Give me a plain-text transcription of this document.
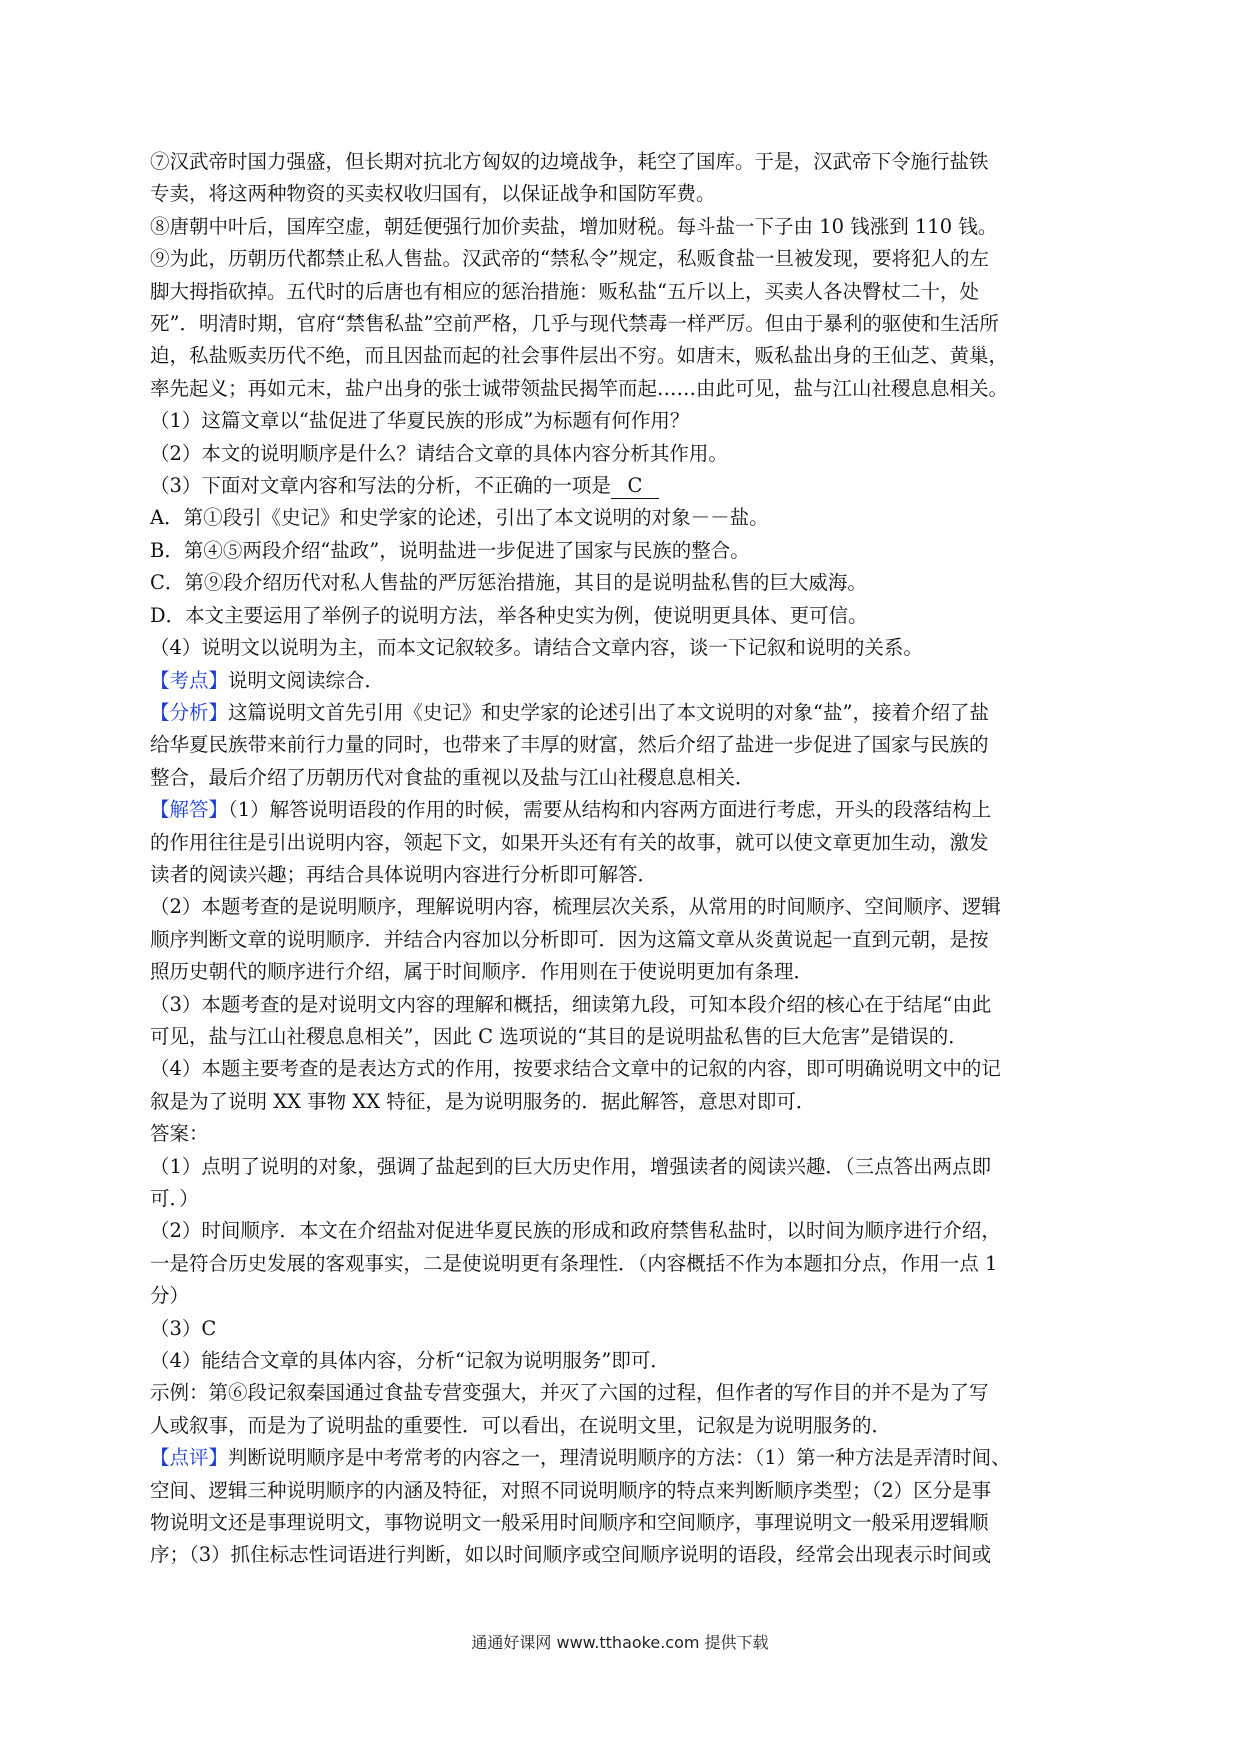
⑦汉武帝时国力强盛，但长期对抗北方匈奴的边境战争，耗空了国库。于是，汉武帝下令施行盐铁
专卖，将这两种物资的买卖权收归国有，以保证战争和国防军费。
⑧唐朝中叶后，国库空虚，朝廷便强行加价卖盐，增加财税。每斗盐一下子由 10 钱涨到 110 钱。
⑨为此，历朝历代都禁止私人售盐。汉武帝的“禁私令”规定，私贩食盐一旦被发现，要将犯人的左
脚大拇指砍掉。五代时的后唐也有相应的惩治措施：贩私盐“五斤以上，买卖人各决臀杖二十，处
死”．明清时期，官府“禁售私盐”空前严格，几乎与现代禁毒一样严厉。但由于暴利的驱使和生活所
迫，私盐贩卖历代不绝，而且因盐而起的社会事件层出不穷。如唐末，贩私盐出身的王仙芝、黄巢，
率先起义；再如元末，盐户出身的张士诚带领盐民揭竿而起……由此可见，盐与江山社稷息息相关。
（1）这篇文章以“盐促进了华夏民族的形成”为标题有何作用？
（2）本文的说明顺序是什么？请结合文章的具体内容分析其作用。
（3）下面对文章内容和写法的分析，不正确的一项是 C
A．第①段引《史记》和史学家的论述，引出了本文说明的对象－－盐。
B．第④⑤两段介绍“盐政”，说明盐进一步促进了国家与民族的整合。
C．第⑨段介绍历代对私人售盐的严厉惩治措施，其目的是说明盐私售的巨大威海。
D．本文主要运用了举例子的说明方法，举各种史实为例，使说明更具体、更可信。
（4）说明文以说明为主，而本文记叙较多。请结合文章内容，谈一下记叙和说明的关系。
【考点】说明文阅读综合．
【分析】这篇说明文首先引用《史记》和史学家的论述引出了本文说明的对象“盐”，接着介绍了盐
给华夏民族带来前行力量的同时，也带来了丰厚的财富，然后介绍了盐进一步促进了国家与民族的
整合，最后介绍了历朝历代对食盐的重视以及盐与江山社稷息息相关．
【解答】（1）解答说明语段的作用的时候，需要从结构和内容两方面进行考虑，开头的段落结构上
的作用往往是引出说明内容，领起下文，如果开头还有有关的故事，就可以使文章更加生动，激发
读者的阅读兴趣；再结合具体说明内容进行分析即可解答．
（2）本题考查的是说明顺序，理解说明内容，梳理层次关系，从常用的时间顺序、空间顺序、逻辑
顺序判断文章的说明顺序．并结合内容加以分析即可．因为这篇文章从炎黄说起一直到元朝，是按
照历史朝代的顺序进行介绍，属于时间顺序．作用则在于使说明更加有条理．
（3）本题考查的是对说明文内容的理解和概括，细读第九段，可知本段介绍的核心在于结尾“由此
可见，盐与江山社稷息息相关”，因此 C 选项说的“其目的是说明盐私售的巨大危害”是错误的．
（4）本题主要考查的是表达方式的作用，按要求结合文章中的记叙的内容，即可明确说明文中的记
叙是为了说明 XX 事物 XX 特征，是为说明服务的．据此解答，意思对即可．
答案：
（1）点明了说明的对象，强调了盐起到的巨大历史作用，增强读者的阅读兴趣．（三点答出两点即
可．）
（2）时间顺序．本文在介绍盐对促进华夏民族的形成和政府禁售私盐时，以时间为顺序进行介绍，
一是符合历史发展的客观事实，二是使说明更有条理性．（内容概括不作为本题扣分点，作用一点 1
分）
（3）C
（4）能结合文章的具体内容，分析“记叙为说明服务”即可．
示例：第⑥段记叙秦国通过食盐专营变强大，并灭了六国的过程，但作者的写作目的并不是为了写
人或叙事，而是为了说明盐的重要性．可以看出，在说明文里，记叙是为说明服务的．
【点评】判断说明顺序是中考常考的内容之一，理清说明顺序的方法：（1）第一种方法是弄清时间、
空间、逻辑三种说明顺序的内涵及特征，对照不同说明顺序的特点来判断顺序类型；（2）区分是事
物说明文还是事理说明文，事物说明文一般采用时间顺序和空间顺序，事理说明文一般采用逻辑顺
序；（3）抓住标志性词语进行判断，如以时间顺序或空间顺序说明的语段，经常会出现表示时间或
通通好课网 www.tthaoke.com 提供下载
